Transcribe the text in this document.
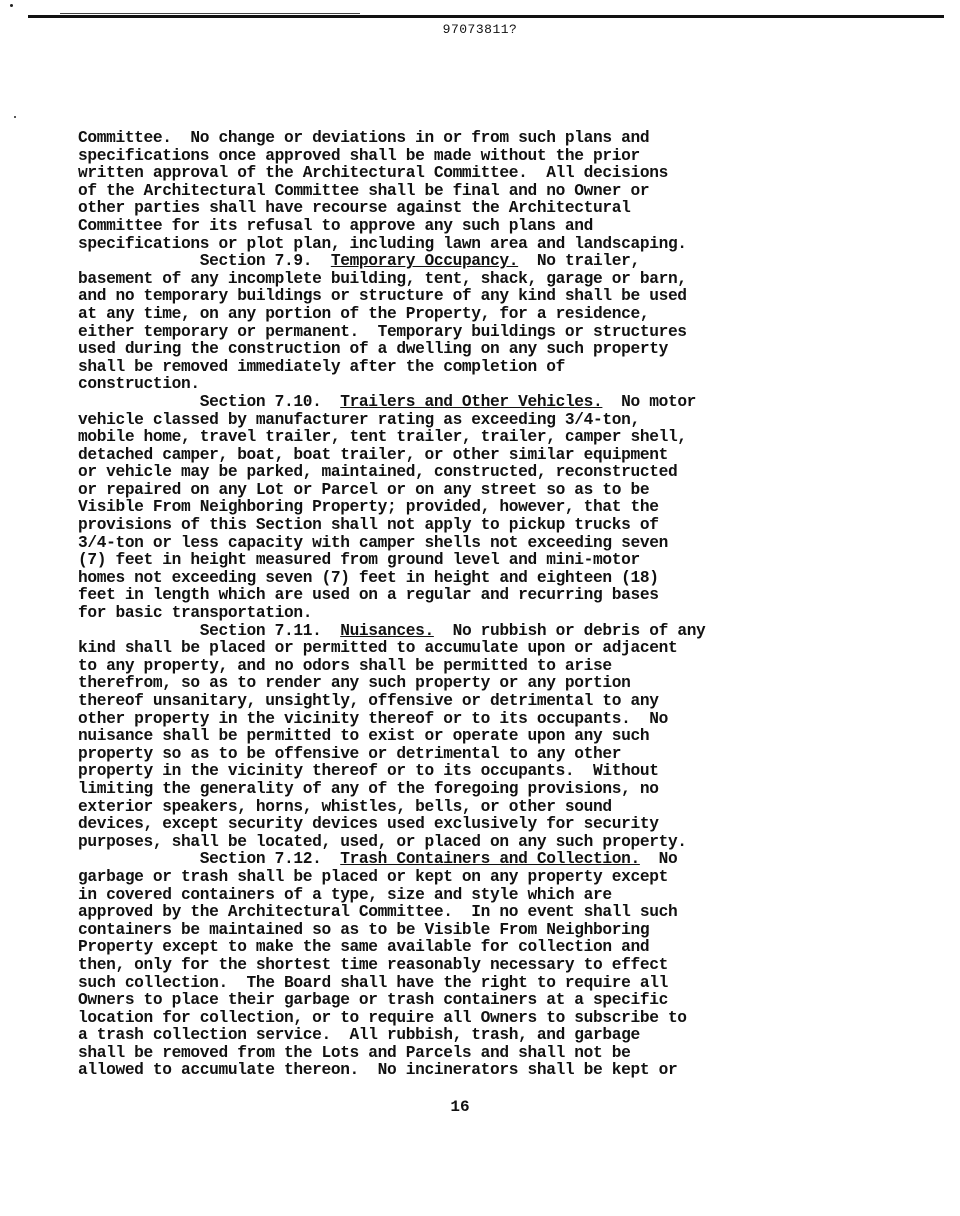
97073811?
Committee.  No change or deviations in or from such plans and
specifications once approved shall be made without the prior
written approval of the Architectural Committee.  All decisions
of the Architectural Committee shall be final and no Owner or
other parties shall have recourse against the Architectural
Committee for its refusal to approve any such plans and
specifications or plot plan, including lawn area and landscaping.
Section 7.9.  Temporary Occupancy.  No trailer,
basement of any incomplete building, tent, shack, garage or barn,
and no temporary buildings or structure of any kind shall be used
at any time, on any portion of the Property, for a residence,
either temporary or permanent.  Temporary buildings or structures
used during the construction of a dwelling on any such property
shall be removed immediately after the completion of
construction.
Section 7.10.  Trailers and Other Vehicles.  No motor
vehicle classed by manufacturer rating as exceeding 3/4-ton,
mobile home, travel trailer, tent trailer, trailer, camper shell,
detached camper, boat, boat trailer, or other similar equipment
or vehicle may be parked, maintained, constructed, reconstructed
or repaired on any Lot or Parcel or on any street so as to be
Visible From Neighboring Property; provided, however, that the
provisions of this Section shall not apply to pickup trucks of
3/4-ton or less capacity with camper shells not exceeding seven
(7) feet in height measured from ground level and mini-motor
homes not exceeding seven (7) feet in height and eighteen (18)
feet in length which are used on a regular and recurring bases
for basic transportation.
Section 7.11.  Nuisances.  No rubbish or debris of any
kind shall be placed or permitted to accumulate upon or adjacent
to any property, and no odors shall be permitted to arise
therefrom, so as to render any such property or any portion
thereof unsanitary, unsightly, offensive or detrimental to any
other property in the vicinity thereof or to its occupants.  No
nuisance shall be permitted to exist or operate upon any such
property so as to be offensive or detrimental to any other
property in the vicinity thereof or to its occupants.  Without
limiting the generality of any of the foregoing provisions, no
exterior speakers, horns, whistles, bells, or other sound
devices, except security devices used exclusively for security
purposes, shall be located, used, or placed on any such property.
Section 7.12.  Trash Containers and Collection.  No
garbage or trash shall be placed or kept on any property except
in covered containers of a type, size and style which are
approved by the Architectural Committee.  In no event shall such
containers be maintained so as to be Visible From Neighboring
Property except to make the same available for collection and
then, only for the shortest time reasonably necessary to effect
such collection.  The Board shall have the right to require all
Owners to place their garbage or trash containers at a specific
location for collection, or to require all Owners to subscribe to
a trash collection service.  All rubbish, trash, and garbage
shall be removed from the Lots and Parcels and shall not be
allowed to accumulate thereon.  No incinerators shall be kept or
16
